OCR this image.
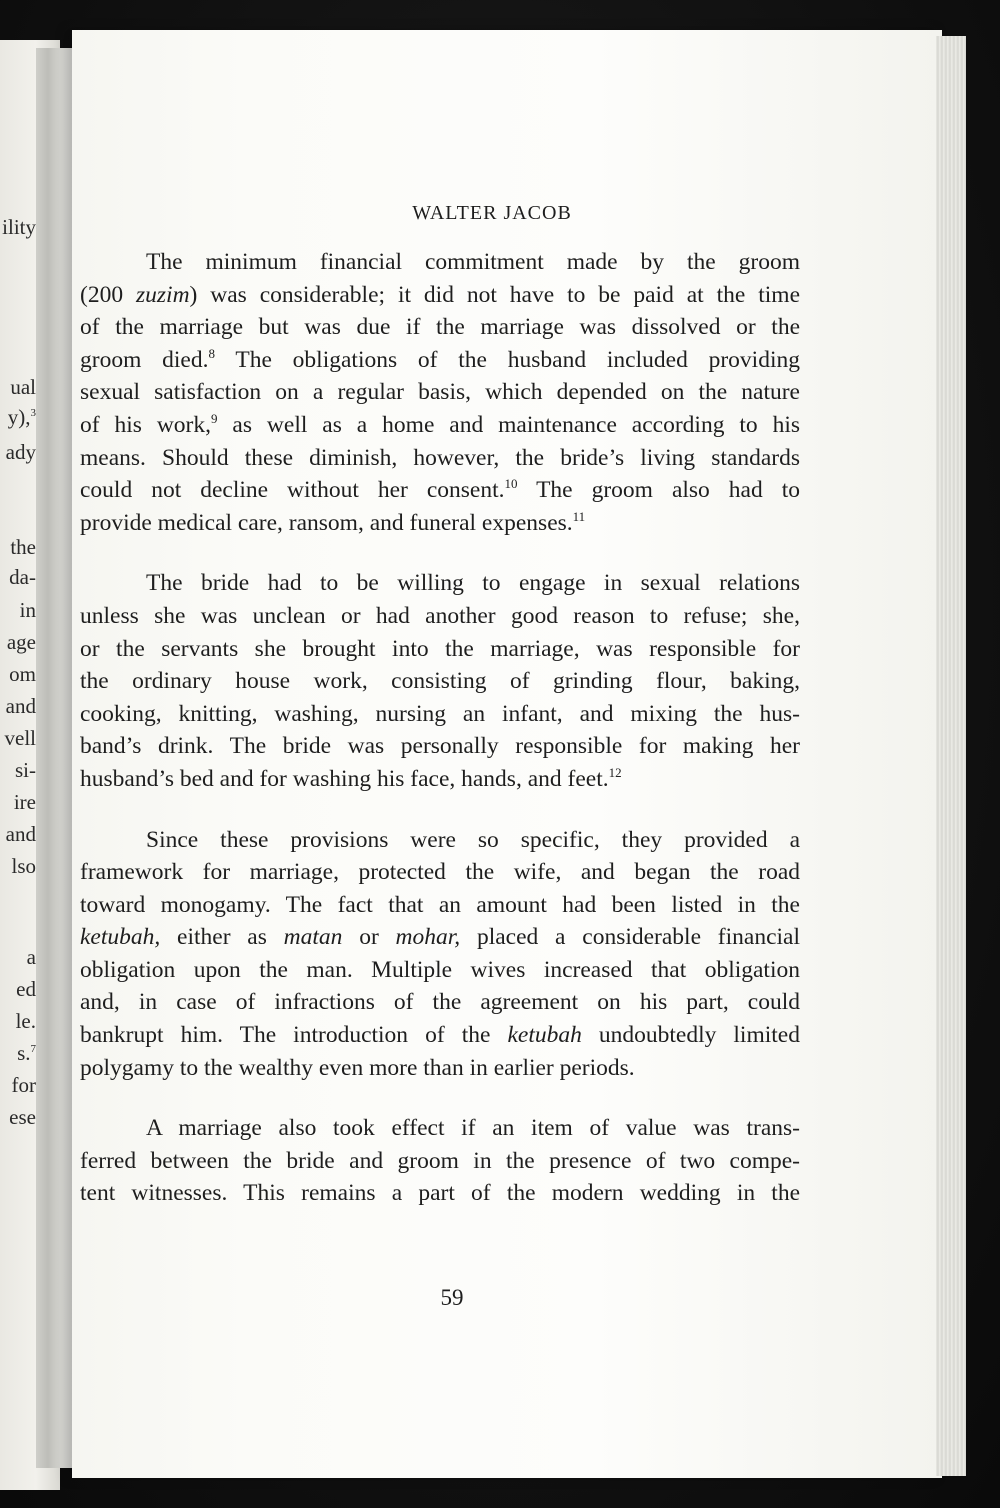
ility
ual
y),$^3$
ady
the
da-
in
age
om
and
vell
si-
ire
and
lso
a
ed
le.
s.$^7$
for
ese
WALTER JACOB

The minimum financial commitment made by the groom
(200 zuzim) was considerable; it did not have to be paid at the time
of the marriage but was due if the marriage was dissolved or the
groom died.$^8$ The obligations of the husband included providing
sexual satisfaction on a regular basis, which depended on the nature
of his work,$^9$ as well as a home and maintenance according to his
means. Should these diminish, however, the bride’s living standards
could not decline without her consent.$^{10}$ The groom also had to
provide medical care, ransom, and funeral expenses.$^{11}$

The bride had to be willing to engage in sexual relations
unless she was unclean or had another good reason to refuse; she,
or the servants she brought into the marriage, was responsible for
the ordinary house work, consisting of grinding flour, baking,
cooking, knitting, washing, nursing an infant, and mixing the hus-
band’s drink. The bride was personally responsible for making her
husband’s bed and for washing his face, hands, and feet.$^{12}$

Since these provisions were so specific, they provided a
framework for marriage, protected the wife, and began the road
toward monogamy. The fact that an amount had been listed in the
ketubah, either as matan or mohar, placed a considerable financial
obligation upon the man. Multiple wives increased that obligation
and, in case of infractions of the agreement on his part, could
bankrupt him. The introduction of the ketubah undoubtedly limited
polygamy to the wealthy even more than in earlier periods.

A marriage also took effect if an item of value was trans-
ferred between the bride and groom in the presence of two compe-
tent witnesses. This remains a part of the modern wedding in the

59
